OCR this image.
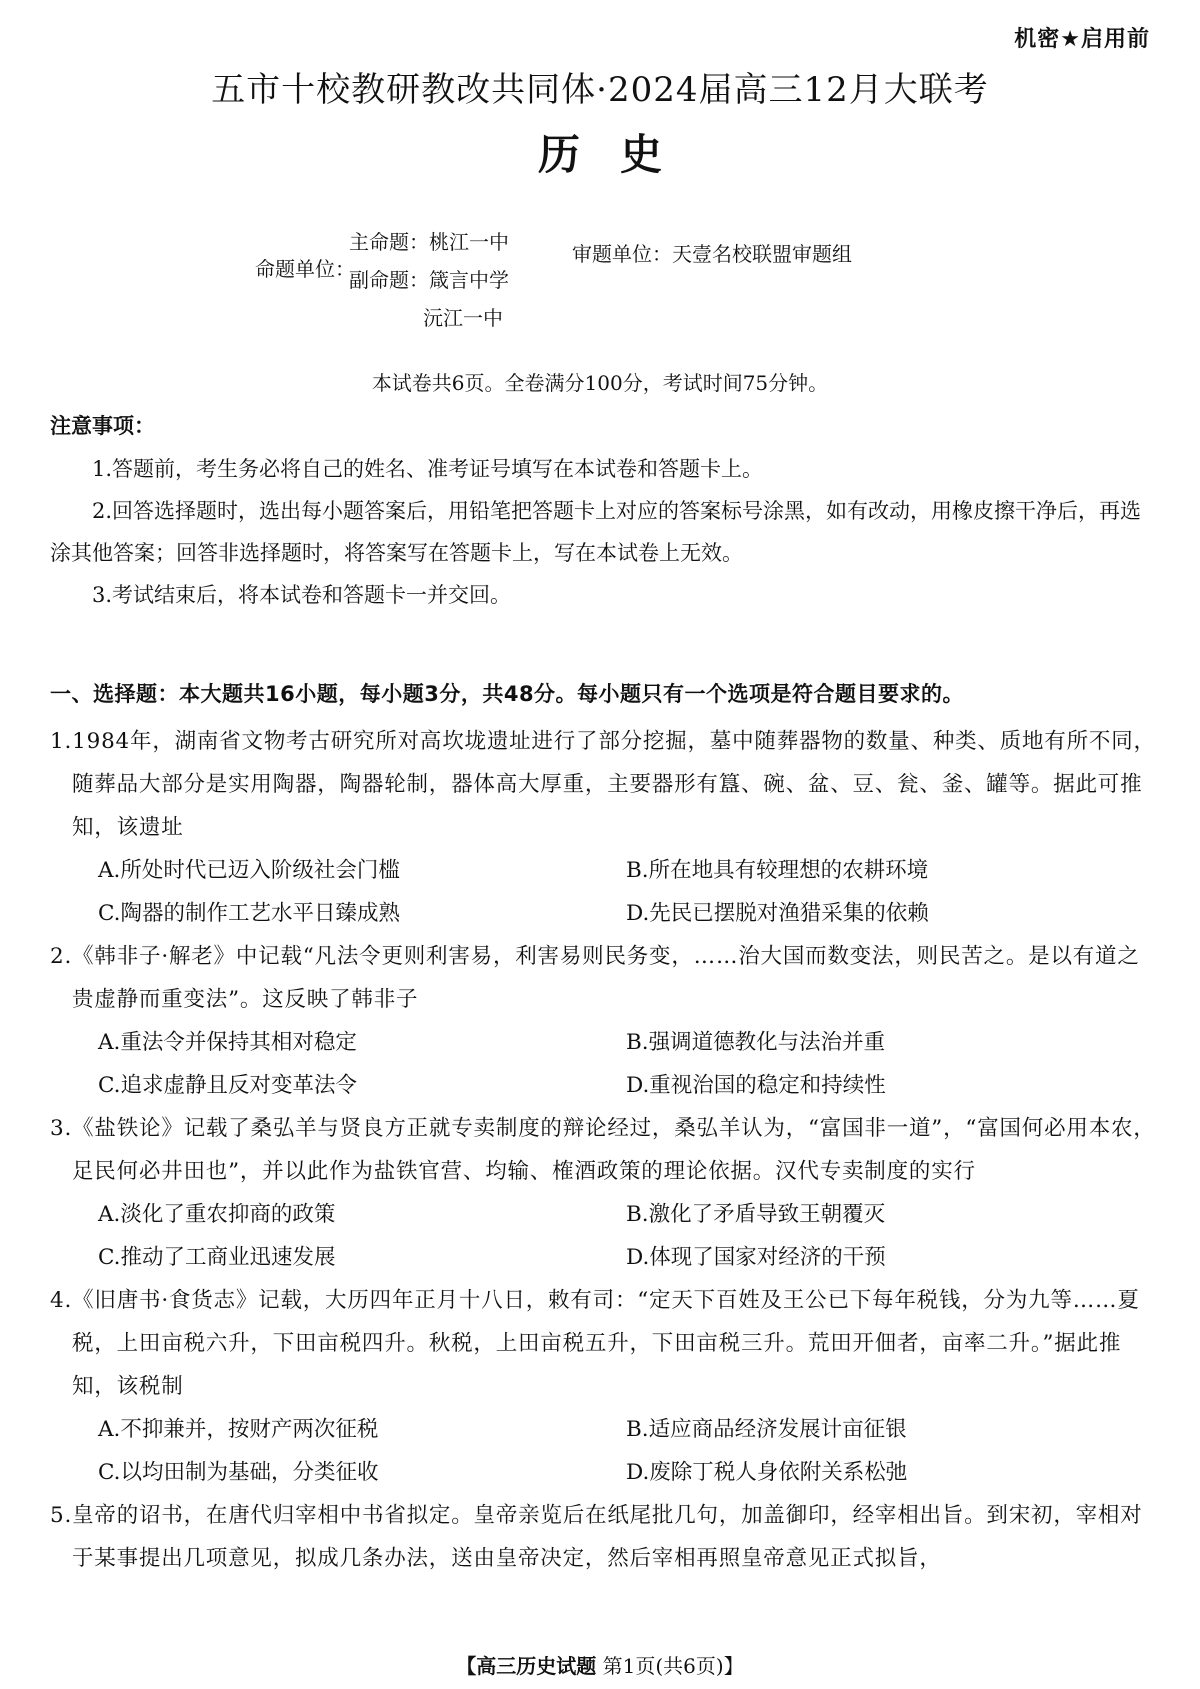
机密★启用前
五市十校教研教改共同体·2024届高三12月大联考
历史
命题单位：
主命题：桃江一中
副命题：箴言中学
沅江一中
审题单位：天壹名校联盟审题组
本试卷共6页。全卷满分100分，考试时间75分钟。
注意事项：

1.答题前，考生务必将自己的姓名、准考证号填写在本试卷和答题卡上。

2.回答选择题时，选出每小题答案后，用铅笔把答题卡上对应的答案标号涂黑，如有改动，用橡皮擦干净后，再选涂其他答案；回答非选择题时，将答案写在答题卡上，写在本试卷上无效。

3.考试结束后，将本试卷和答题卡一并交回。

一、选择题：本大题共16小题，每小题3分，共48分。每小题只有一个选项是符合题目要求的。

1.1984年，湖南省文物考古研究所对高坎垅遗址进行了部分挖掘，墓中随葬器物的数量、种类、质地有所不同，随葬品大部分是实用陶器，陶器轮制，器体高大厚重，主要器形有簋、碗、盆、豆、瓮、釜、罐等。据此可推知，该遗址

A.所处时代已迈入阶级社会门槛	B.所在地具有较理想的农耕环境
C.陶器的制作工艺水平日臻成熟	D.先民已摆脱对渔猎采集的依赖

2.《韩非子·解老》中记载“凡法令更则利害易，利害易则民务变，……治大国而数变法，则民苦之。是以有道之贵虚静而重变法”。这反映了韩非子

A.重法令并保持其相对稳定	B.强调道德教化与法治并重
C.追求虚静且反对变革法令	D.重视治国的稳定和持续性

3.《盐铁论》记载了桑弘羊与贤良方正就专卖制度的辩论经过，桑弘羊认为，“富国非一道”，“富国何必用本农，足民何必井田也”，并以此作为盐铁官营、均输、榷酒政策的理论依据。汉代专卖制度的实行

A.淡化了重农抑商的政策	B.激化了矛盾导致王朝覆灭
C.推动了工商业迅速发展	D.体现了国家对经济的干预

4.《旧唐书·食货志》记载，大历四年正月十八日，敕有司：“定天下百姓及王公已下每年税钱，分为九等……夏税，上田亩税六升，下田亩税四升。秋税，上田亩税五升，下田亩税三升。荒田开佃者，亩率二升。”据此推知，该税制

A.不抑兼并，按财产两次征税	B.适应商品经济发展计亩征银
C.以均田制为基础，分类征收	D.废除丁税人身依附关系松弛

5.皇帝的诏书，在唐代归宰相中书省拟定。皇帝亲览后在纸尾批几句，加盖御印，经宰相出旨。到宋初，宰相对于某事提出几项意见，拟成几条办法，送由皇帝决定，然后宰相再照皇帝意见正式拟旨，

【高三历史试题 第1页(共6页)】
